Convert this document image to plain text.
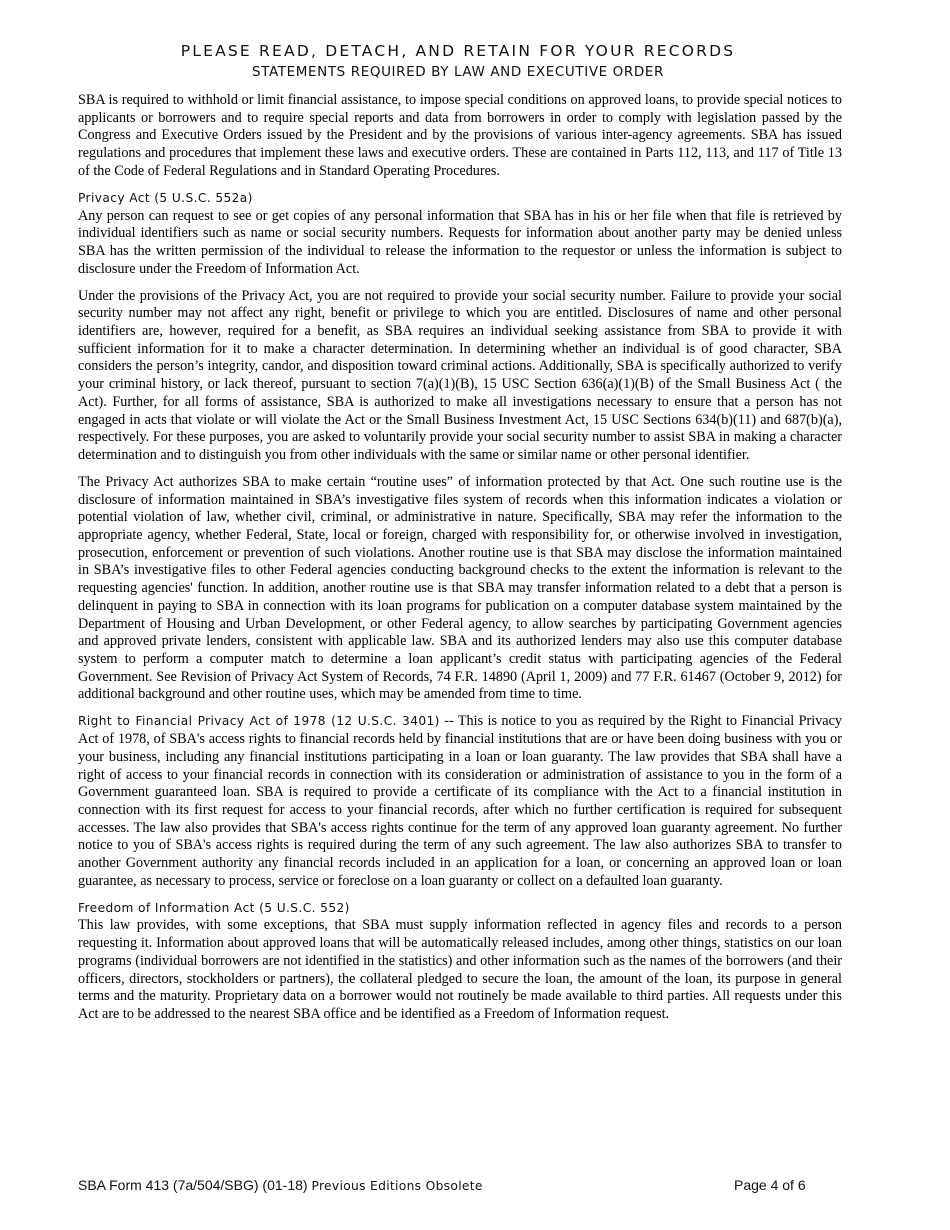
PLEASE READ, DETACH, AND RETAIN FOR YOUR RECORDS
STATEMENTS REQUIRED BY LAW AND EXECUTIVE ORDER

SBA is required to withhold or limit financial assistance, to impose special conditions on approved loans, to provide special notices to applicants or borrowers and to require special reports and data from borrowers in order to comply with legislation passed by the Congress and Executive Orders issued by the President and by the provisions of various inter-agency agreements. SBA has issued regulations and procedures that implement these laws and executive orders. These are contained in Parts 112, 113, and 117 of Title 13 of the Code of Federal Regulations and in Standard Operating Procedures.

Privacy Act (5 U.S.C. 552a)
Any person can request to see or get copies of any personal information that SBA has in his or her file when that file is retrieved by individual identifiers such as name or social security numbers. Requests for information about another party may be denied unless SBA has the written permission of the individual to release the information to the requestor or unless the information is subject to disclosure under the Freedom of Information Act.

Under the provisions of the Privacy Act, you are not required to provide your social security number. Failure to provide your social security number may not affect any right, benefit or privilege to which you are entitled. Disclosures of name and other personal identifiers are, however, required for a benefit, as SBA requires an individual seeking assistance from SBA to provide it with sufficient information for it to make a character determination. In determining whether an individual is of good character, SBA considers the person’s integrity, candor, and disposition toward criminal actions. Additionally, SBA is specifically authorized to verify your criminal history, or lack thereof, pursuant to section 7(a)(1)(B), 15 USC Section 636(a)(1)(B) of the Small Business Act ( the Act). Further, for all forms of assistance, SBA is authorized to make all investigations necessary to ensure that a person has not engaged in acts that violate or will violate the Act or the Small Business Investment Act, 15 USC Sections 634(b)(11) and 687(b)(a), respectively. For these purposes, you are asked to voluntarily provide your social security number to assist SBA in making a character determination and to distinguish you from other individuals with the same or similar name or other personal identifier.

The Privacy Act authorizes SBA to make certain “routine uses” of information protected by that Act. One such routine use is the disclosure of information maintained in SBA’s investigative files system of records when this information indicates a violation or potential violation of law, whether civil, criminal, or administrative in nature. Specifically, SBA may refer the information to the appropriate agency, whether Federal, State, local or foreign, charged with responsibility for, or otherwise involved in investigation, prosecution, enforcement or prevention of such violations. Another routine use is that SBA may disclose the information maintained in SBA’s investigative files to other Federal agencies conducting background checks to the extent the information is relevant to the requesting agencies' function. In addition, another routine use is that SBA may transfer information related to a debt that a person is delinquent in paying to SBA in connection with its loan programs for publication on a computer database system maintained by the Department of Housing and Urban Development, or other Federal agency, to allow searches by participating Government agencies and approved private lenders, consistent with applicable law. SBA and its authorized lenders may also use this computer database system to perform a computer match to determine a loan applicant’s credit status with participating agencies of the Federal Government. See Revision of Privacy Act System of Records, 74 F.R. 14890 (April 1, 2009) and 77 F.R. 61467 (October 9, 2012) for additional background and other routine uses, which may be amended from time to time.

Right to Financial Privacy Act of 1978 (12 U.S.C. 3401) -- This is notice to you as required by the Right to Financial Privacy Act of 1978, of SBA's access rights to financial records held by financial institutions that are or have been doing business with you or your business, including any financial institutions participating in a loan or loan guaranty. The law provides that SBA shall have a right of access to your financial records in connection with its consideration or administration of assistance to you in the form of a Government guaranteed loan. SBA is required to provide a certificate of its compliance with the Act to a financial institution in connection with its first request for access to your financial records, after which no further certification is required for subsequent accesses. The law also provides that SBA's access rights continue for the term of any approved loan guaranty agreement. No further notice to you of SBA's access rights is required during the term of any such agreement. The law also authorizes SBA to transfer to another Government authority any financial records included in an application for a loan, or concerning an approved loan or loan guarantee, as necessary to process, service or foreclose on a loan guaranty or collect on a defaulted loan guaranty.

Freedom of Information Act (5 U.S.C. 552)
This law provides, with some exceptions, that SBA must supply information reflected in agency files and records to a person requesting it. Information about approved loans that will be automatically released includes, among other things, statistics on our loan programs (individual borrowers are not identified in the statistics) and other information such as the names of the borrowers (and their officers, directors, stockholders or partners), the collateral pledged to secure the loan, the amount of the loan, its purpose in general terms and the maturity. Proprietary data on a borrower would not routinely be made available to third parties. All requests under this Act are to be addressed to the nearest SBA office and be identified as a Freedom of Information request.
SBA Form 413 (7a/504/SBG) (01-18) Previous Editions Obsolete	Page 4 of 6
